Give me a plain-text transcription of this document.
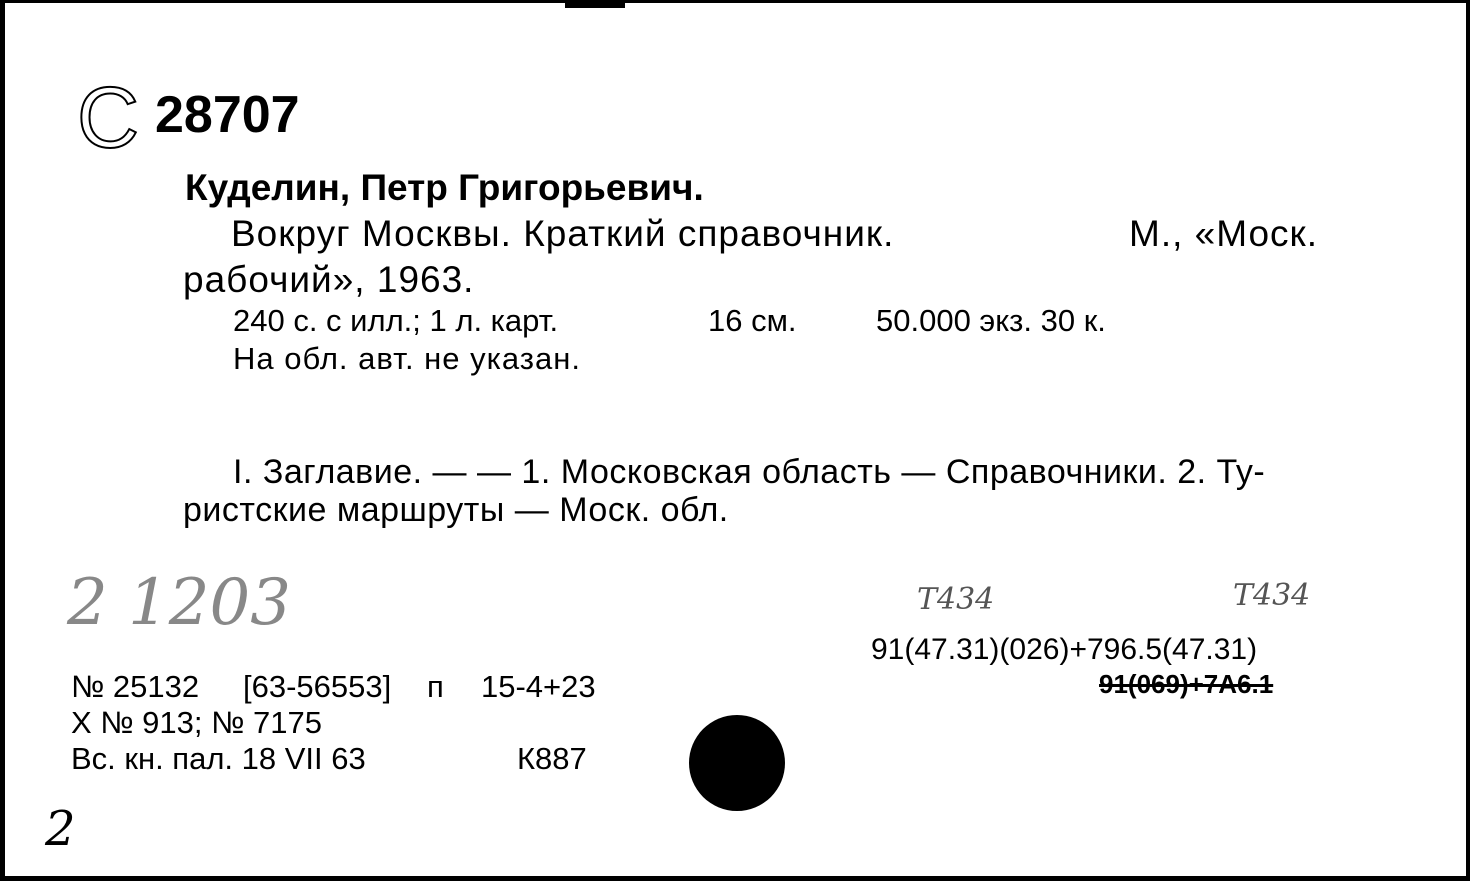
С 28707
Куделин, Петр Григорьевич.
Вокруг Москвы. Краткий справочник.	М., «Моск.
рабочий», 1963.
240 с. с илл.; 1 л. карт.	16 см.	50.000 экз. 30 к.
На обл. авт. не указан.
I. Заглавие. — — 1. Московская область — Справочники. 2. Ту-
ристские маршруты — Моск. обл.
2 1203	Т434	Т434
91(47.31)(026)+796.5(47.31)
91(069)+7А6.1
№ 25132 [63-56553] п 15-4+23
Х № 913; № 7175
Вс. кн. пал. 18 VII 63	К887
2
